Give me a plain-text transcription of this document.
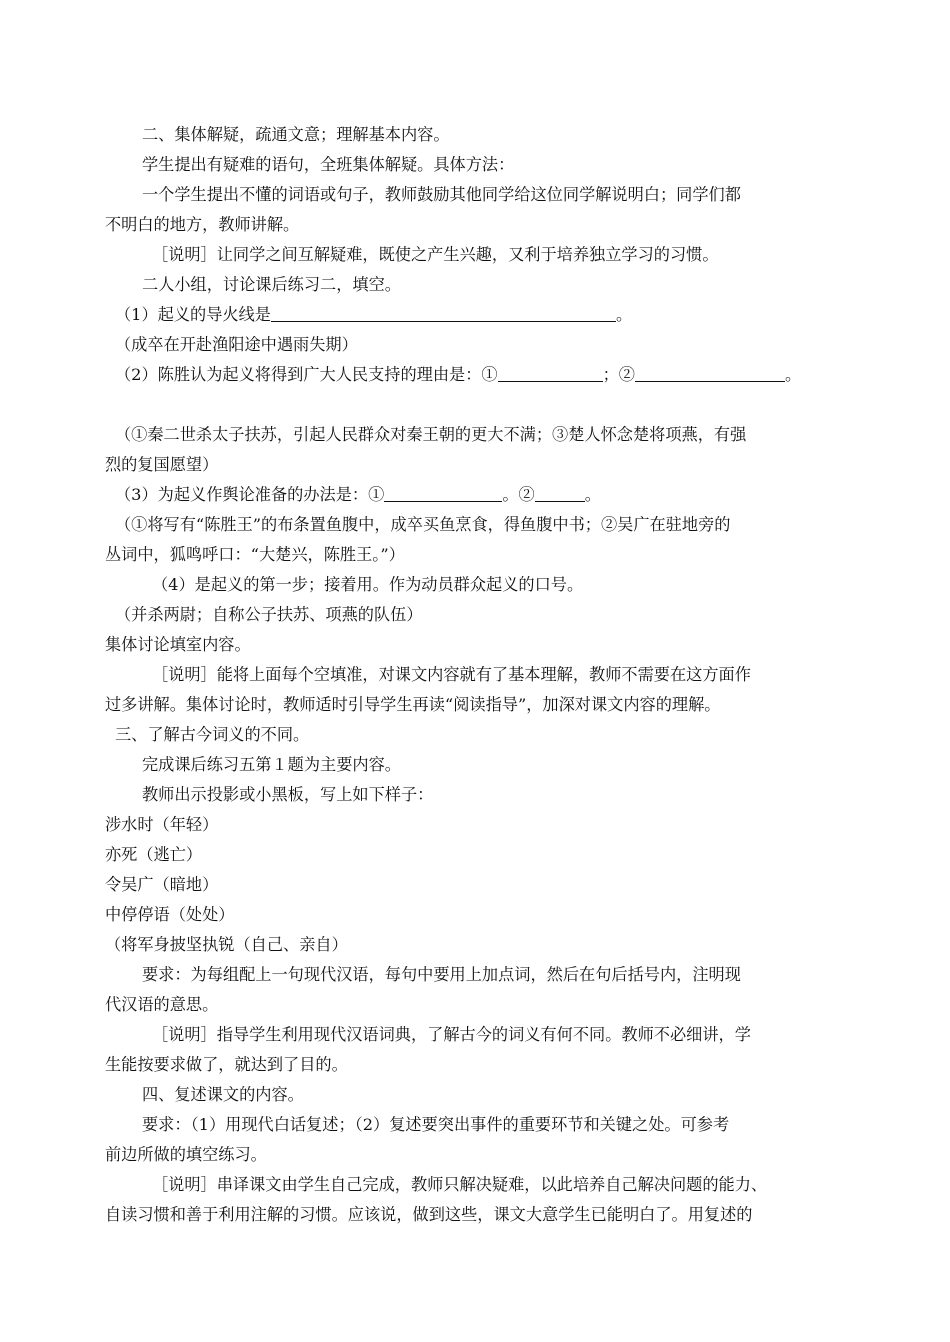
二、集体解疑，疏通文意；理解基本内容。

学生提出有疑难的语句，全班集体解疑。具体方法：

一个学生提出不懂的词语或句子，教师鼓励其他同学给这位同学解说明白；同学们都

不明白的地方，教师讲解。

［说明］让同学之间互解疑难，既使之产生兴趣，又利于培养独立学习的习惯。

二人小组，讨论课后练习二，填空。

（1）起义的导火线是	。

（成卒在开赴渔阳途中遇雨失期）

（2）陈胜认为起义将得到广大人民支持的理由是：①	；②	。

（①秦二世杀太子扶苏，引起人民群众对秦王朝的更大不满；③楚人怀念楚将项燕，有强

烈的复国愿望）

（3）为起义作舆论准备的办法是：①	。②	。

（①将写有“陈胜王”的布条置鱼腹中，成卒买鱼烹食，得鱼腹中书；②吴广在驻地旁的

丛词中，狐鸣呼口：“大楚兴，陈胜王。”）

（4）是起义的第一步；接着用。作为动员群众起义的口号。

（并杀两尉；自称公子扶苏、项燕的队伍）

集体讨论填室内容。

［说明］能将上面每个空填准，对课文内容就有了基本理解，教师不需要在这方面作

过多讲解。集体讨论时，教师适时引导学生再读“阅读指导”，加深对课文内容的理解。

三、了解古今词义的不同。

完成课后练习五第１题为主要内容。

教师出示投影或小黑板，写上如下样子：

涉水时（年轻）

亦死（逃亡）

令吴广（暗地）

中停停语（处处）

（将军身披坚执锐（自己、亲自）

要求：为每组配上一句现代汉语，每句中要用上加点词，然后在句后括号内，注明现

代汉语的意思。

［说明］指导学生利用现代汉语词典，了解古今的词义有何不同。教师不必细讲，学

生能按要求做了，就达到了目的。

四、复述课文的内容。

要求：（1）用现代白话复述；（2）复述要突出事件的重要环节和关键之处。可参考

前边所做的填空练习。

［说明］串译课文由学生自己完成，教师只解决疑难，以此培养自己解决问题的能力、

自读习惯和善于利用注解的习惯。应该说，做到这些，课文大意学生已能明白了。用复述的
